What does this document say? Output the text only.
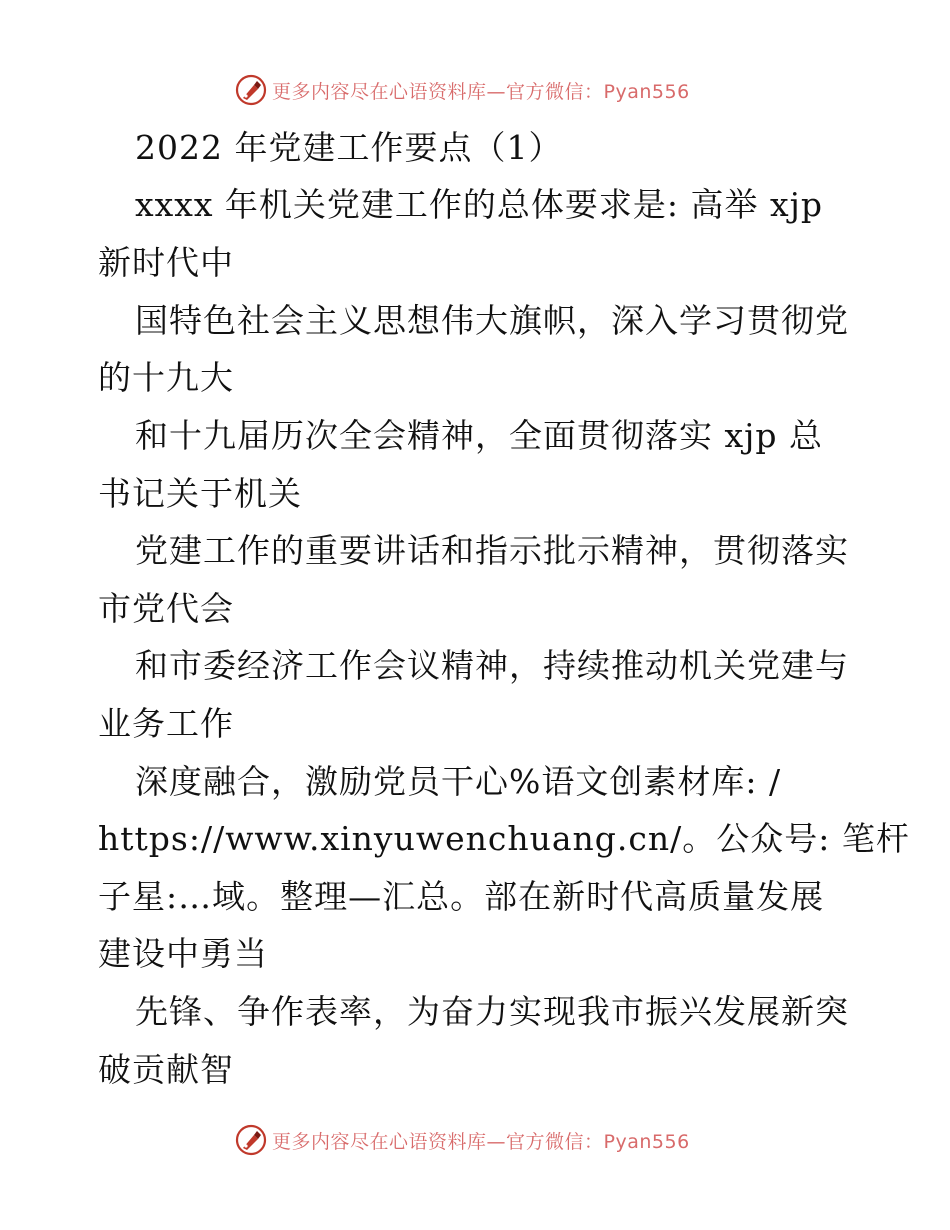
更多内容尽在心语资料库—官方微信：Pyan556
2022 年党建工作要点（1）
xxxx 年机关党建工作的总体要求是: 高举 xjp
新时代中
国特色社会主义思想伟大旗帜，深入学习贯彻党
的十九大
和十九届历次全会精神，全面贯彻落实 xjp 总
书记关于机关
党建工作的重要讲话和指示批示精神，贯彻落实
市党代会
和市委经济工作会议精神，持续推动机关党建与
业务工作
深度融合，激励党员干心%语文创素材库: /
https://www.xinyuwenchuang.cn/。公众号: 笔杆
子星:…域。整理—汇总。部在新时代高质量发展
建设中勇当
先锋、争作表率，为奋力实现我市振兴发展新突
破贡献智
更多内容尽在心语资料库—官方微信：Pyan556
